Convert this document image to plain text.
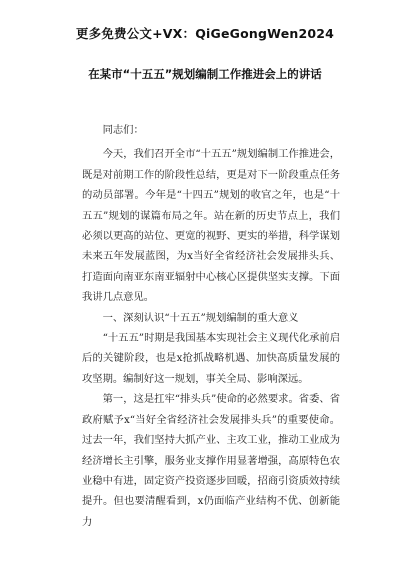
更多免费公文+VX：QiGeGongWen2024
在某市“十五五”规划编制工作推进会上的讲话

同志们：

今天，我们召开全市“十五五”规划编制工作推进会，既是对前期工作的阶段性总结，更是对下一阶段重点任务的动员部署。今年是“十四五”规划的收官之年，也是“十五五”规划的谋篇布局之年。站在新的历史节点上，我们必须以更高的站位、更宽的视野、更实的举措，科学谋划未来五年发展蓝图，为x当好全省经济社会发展排头兵、打造面向南亚东南亚辐射中心核心区提供坚实支撑。下面我讲几点意见。

一、深刻认识“十五五”规划编制的重大意义

“十五五”时期是我国基本实现社会主义现代化承前启后的关键阶段，也是x抢抓战略机遇、加快高质量发展的攻坚期。编制好这一规划，事关全局、影响深远。

第一，这是扛牢“排头兵”使命的必然要求。省委、省政府赋予x“当好全省经济社会发展排头兵”的重要使命。过去一年，我们坚持大抓产业、主攻工业，推动工业成为经济增长主引擎，服务业支撑作用显著增强，高原特色农业稳中有进，固定资产投资逐步回暖，招商引资质效持续提升。但也要清醒看到，x仍面临产业结构不优、创新能力
